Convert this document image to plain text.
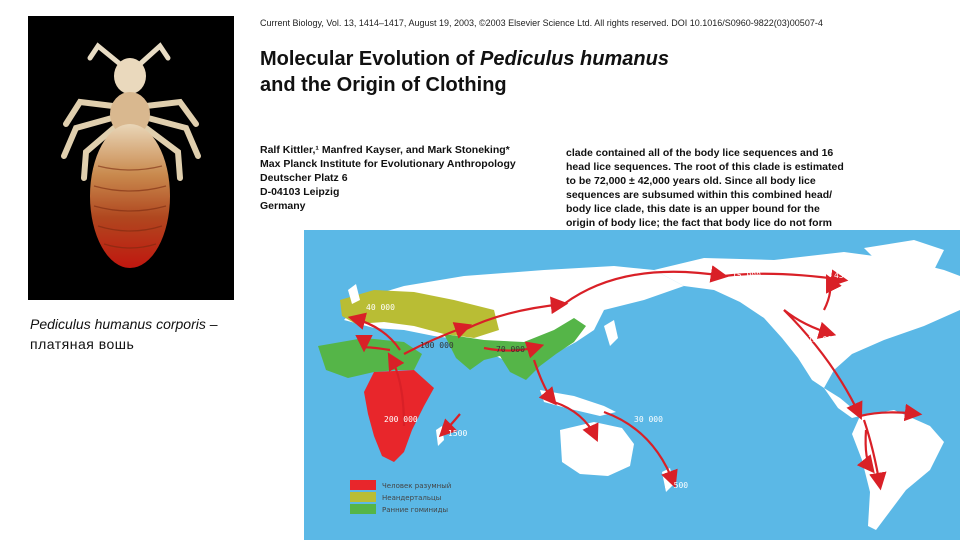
Pediculus humanus corporis –
платяная вошь
Current Biology, Vol. 13, 1414–1417, August 19, 2003, ©2003 Elsevier Science Ltd. All rights reserved. DOI 10.1016/S0960-9822(03)00507-4
Molecular Evolution of Pediculus humanus
and the Origin of Clothing
Ralf Kittler,¹ Manfred Kayser, and Mark Stoneking*
Max Planck Institute for Evolutionary Anthropology
Deutscher Platz 6
D-04103 Leipzig
Germany
clade contained all of the body lice sequences and 16
head lice sequences. The root of this clade is estimated
to be 72,000 ± 42,000 years old. Since all body lice
sequences are subsumed within this combined head/
body lice clade, this date is an upper bound for the
origin of body lice; the fact that body lice do not form
15 000	4500
40 000
25 000
100 000	70 000
12 000
200 000
1500
30 000
50 000
1 500
Человек разумный
Неандертальцы
Ранние гоминиды
